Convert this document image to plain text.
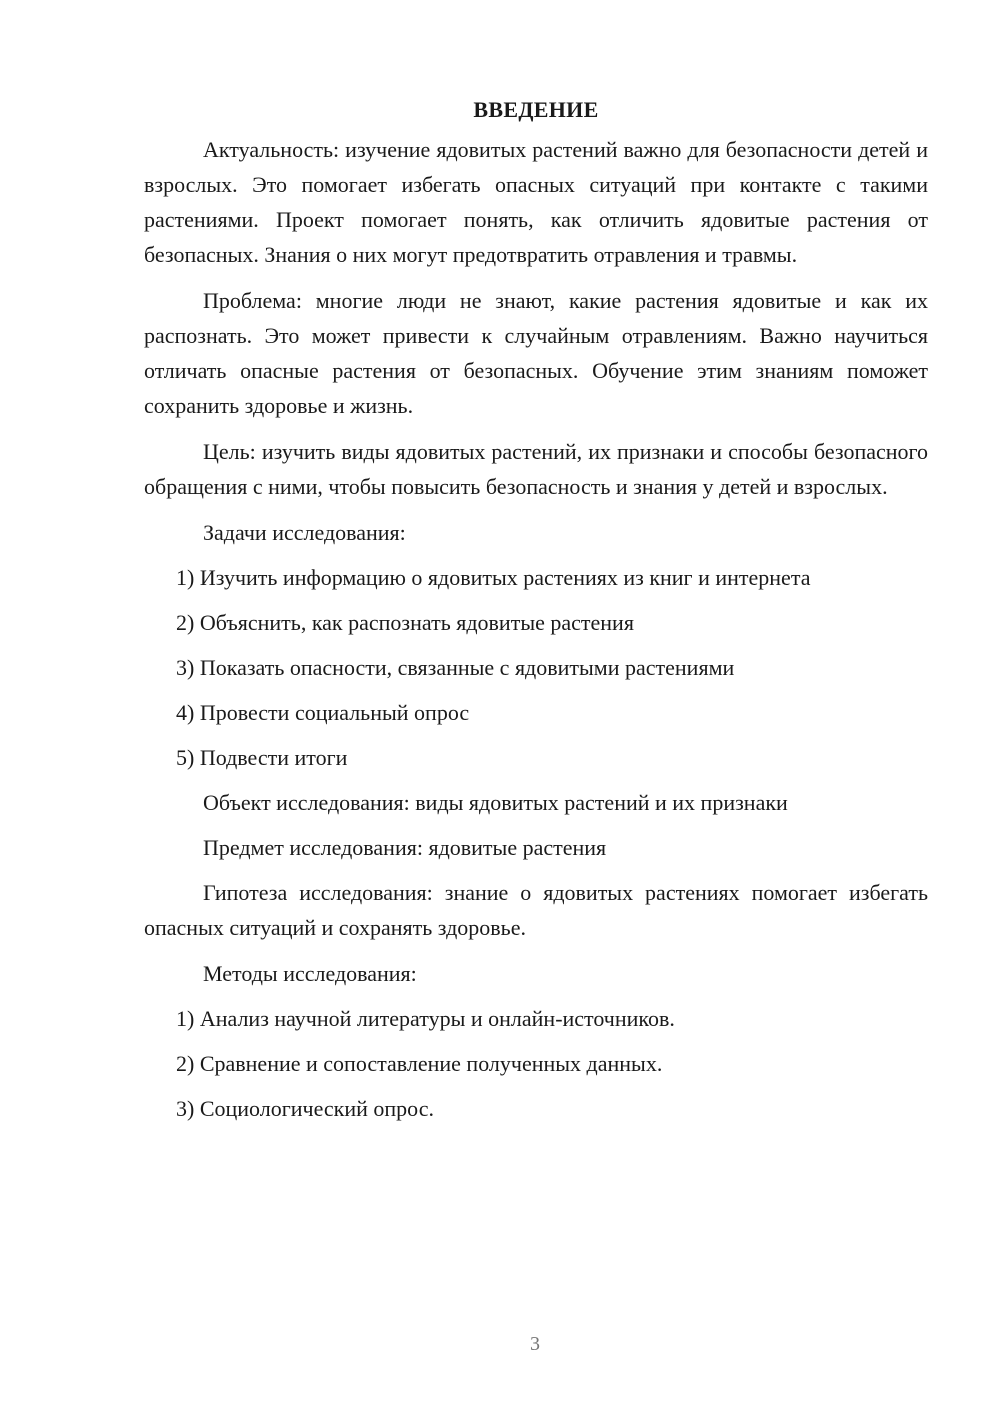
ВВЕДЕНИЕ

Актуальность: изучение ядовитых растений важно для безопасности детей и взрослых. Это помогает избегать опасных ситуаций при контакте с такими растениями. Проект помогает понять, как отличить ядовитые растения от безопасных. Знания о них могут предотвратить отравления и травмы.

Проблема: многие люди не знают, какие растения ядовитые и как их распознать. Это может привести к случайным отравлениям. Важно научиться отличать опасные растения от безопасных. Обучение этим знаниям поможет сохранить здоровье и жизнь.

Цель: изучить виды ядовитых растений, их признаки и способы безопасного обращения с ними, чтобы повысить безопасность и знания у детей и взрослых.

Задачи исследования:
1) Изучить информацию о ядовитых растениях из книг и интернета
2) Объяснить, как распознать ядовитые растения
3) Показать опасности, связанные с ядовитыми растениями
4) Провести социальный опрос
5) Подвести итоги
Объект исследования: виды ядовитых растений и их признаки
Предмет исследования: ядовитые растения

Гипотеза исследования: знание о ядовитых растениях помогает избегать опасных ситуаций и сохранять здоровье.

Методы исследования:
1) Анализ научной литературы и онлайн-источников.
2) Сравнение и сопоставление полученных данных.
3) Социологический опрос.
3
